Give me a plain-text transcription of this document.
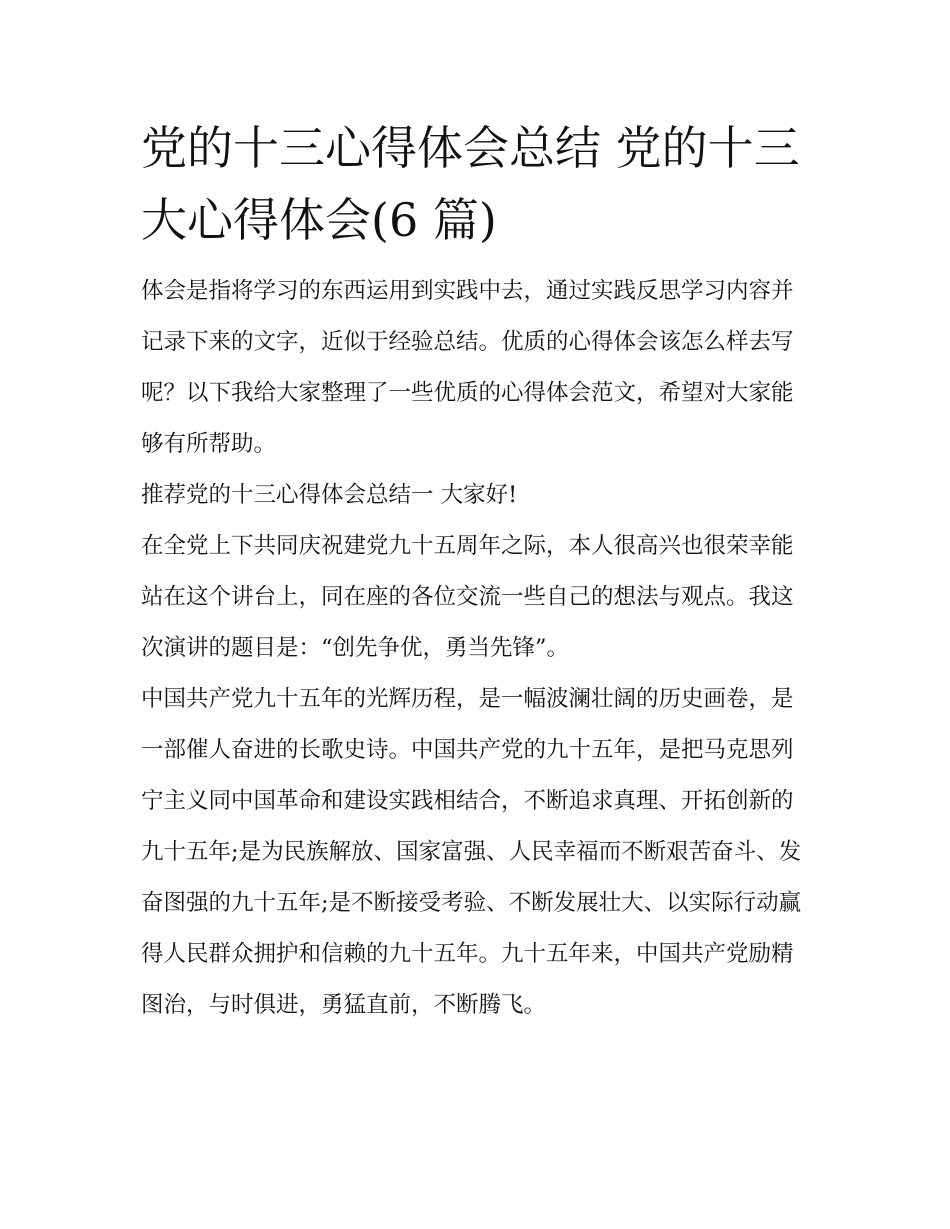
党的十三心得体会总结 党的十三大心得体会(6 篇)

体会是指将学习的东西运用到实践中去，通过实践反思学习内容并记录下来的文字，近似于经验总结。优质的心得体会该怎么样去写呢？以下我给大家整理了一些优质的心得体会范文，希望对大家能够有所帮助。

推荐党的十三心得体会总结一 大家好!

在全党上下共同庆祝建党九十五周年之际，本人很高兴也很荣幸能站在这个讲台上，同在座的各位交流一些自己的想法与观点。我这次演讲的题目是：“创先争优，勇当先锋”。

中国共产党九十五年的光辉历程，是一幅波澜壮阔的历史画卷，是一部催人奋进的长歌史诗。中国共产党的九十五年，是把马克思列宁主义同中国革命和建设实践相结合，不断追求真理、开拓创新的九十五年;是为民族解放、国家富强、人民幸福而不断艰苦奋斗、发奋图强的九十五年;是不断接受考验、不断发展壮大、以实际行动赢得人民群众拥护和信赖的九十五年。九十五年来，中国共产党励精图治，与时俱进，勇猛直前，不断腾飞。
